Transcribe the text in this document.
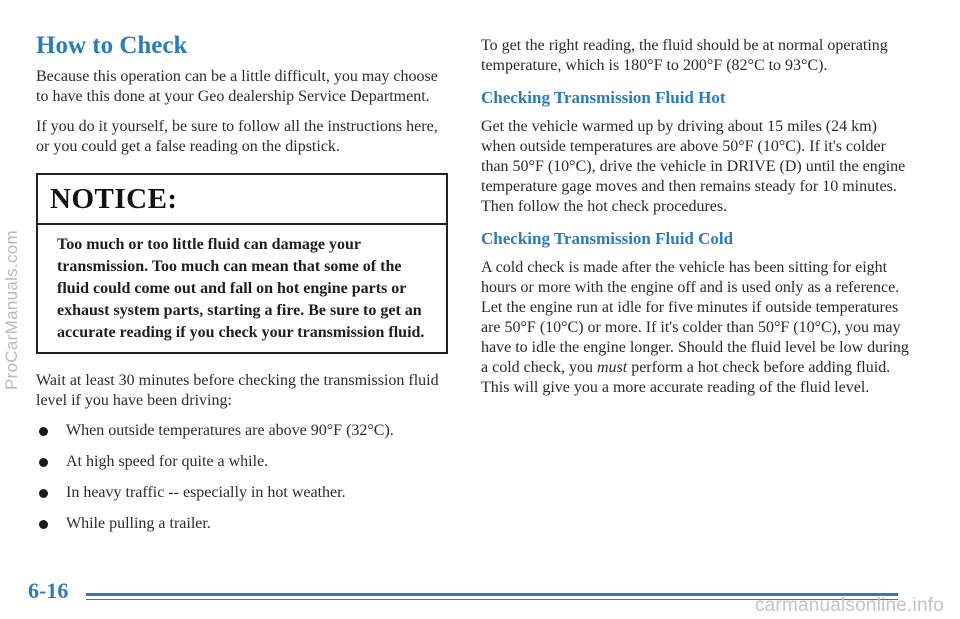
ProCarManuals.com
How to Check

Because this operation can be a little difficult, you may choose to have this done at your Geo dealership Service Department.

If you do it yourself, be sure to follow all the instructions here, or you could get a false reading on the dipstick.

NOTICE:
Too much or too little fluid can damage your transmission. Too much can mean that some of the fluid could come out and fall on hot engine parts or exhaust system parts, starting a fire. Be sure to get an accurate reading if you check your transmission fluid.

Wait at least 30 minutes before checking the transmission fluid level if you have been driving:

When outside temperatures are above 90°F (32°C).
At high speed for quite a while.
In heavy traffic -- especially in hot weather.
While pulling a trailer.

To get the right reading, the fluid should be at normal operating temperature, which is 180°F to 200°F (82°C to 93°C).

Checking Transmission Fluid Hot

Get the vehicle warmed up by driving about 15 miles (24 km) when outside temperatures are above 50°F (10°C). If it's colder than 50°F (10°C), drive the vehicle in DRIVE (D) until the engine temperature gage moves and then remains steady for 10 minutes. Then follow the hot check procedures.

Checking Transmission Fluid Cold

A cold check is made after the vehicle has been sitting for eight hours or more with the engine off and is used only as a reference. Let the engine run at idle for five minutes if outside temperatures are 50°F (10°C) or more. If it's colder than 50°F (10°C), you may have to idle the engine longer. Should the fluid level be low during a cold check, you must perform a hot check before adding fluid. This will give you a more accurate reading of the fluid level.

6-16
carmanualsonline.info
